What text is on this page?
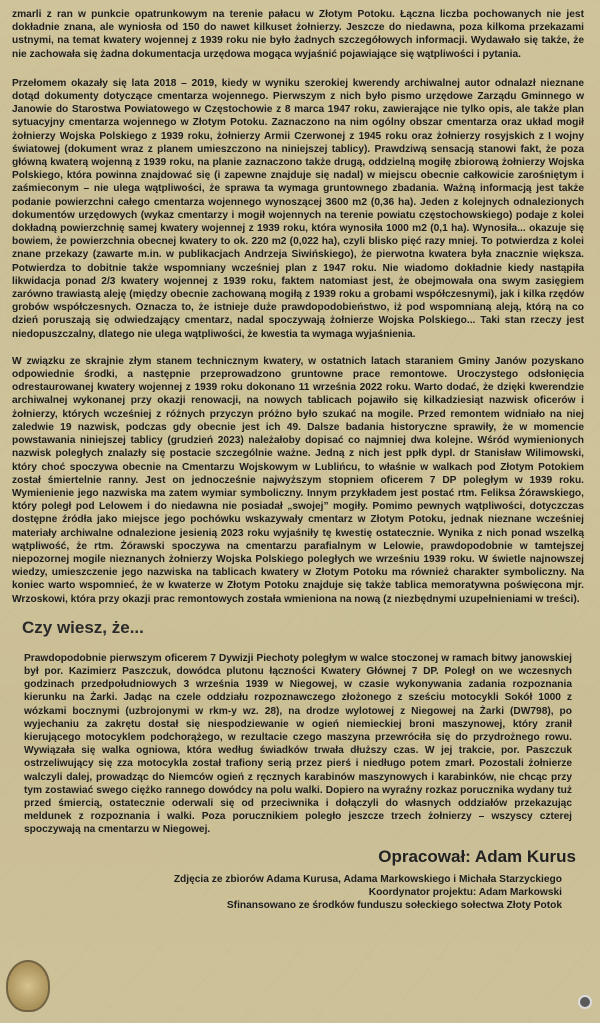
zmarli z ran w punkcie opatrunkowym na terenie pałacu w Złotym Potoku. Łączna liczba pochowanych nie jest dokładnie znana, ale wyniosła od 150 do nawet kilkuset żołnierzy. Jeszcze do niedawna, poza kilkoma przekazami ustnymi, na temat kwatery wojennej z 1939 roku nie było żadnych szczegółowych informacji. Wydawało się także, że nie zachowała się żadna dokumentacja urzędowa mogąca wyjaśnić pojawiające się wątpliwości i pytania.

Przełomem okazały się lata 2018 – 2019, kiedy w wyniku szerokiej kwerendy archiwalnej autor odnalazł nieznane dotąd dokumenty dotyczące cmentarza wojennego. Pierwszym z nich było pismo urzędowe Zarządu Gminnego w Janowie do Starostwa Powiatowego w Częstochowie z 8 marca 1947 roku, zawierające nie tylko opis, ale także plan sytuacyjny cmentarza wojennego w Złotym Potoku. Zaznaczono na nim ogólny obszar cmentarza oraz układ mogił żołnierzy Wojska Polskiego z 1939 roku, żołnierzy Armii Czerwonej z 1945 roku oraz żołnierzy rosyjskich z I wojny światowej (dokument wraz z planem umieszczono na niniejszej tablicy). Prawdziwą sensacją stanowi fakt, że poza główną kwaterą wojenną z 1939 roku, na planie zaznaczono także drugą, oddzielną mogiłę zbiorową żołnierzy Wojska Polskiego, która powinna znajdować się (i zapewne znajduje się nadal) w miejscu obecnie całkowicie zarośniętym i zaśmieconym – nie ulega wątpliwości, że sprawa ta wymaga gruntownego zbadania. Ważną informacją jest także podanie powierzchni całego cmentarza wojennego wynoszącej 3600 m2 (0,36 ha). Jeden z kolejnych odnalezionych dokumentów urzędowych (wykaz cmentarzy i mogił wojennych na terenie powiatu częstochowskiego) podaje z kolei dokładną powierzchnię samej kwatery wojennej z 1939 roku, która wynosiła 1000 m2 (0,1 ha). Wynosiła... okazuje się bowiem, że powierzchnia obecnej kwatery to ok. 220 m2 (0,022 ha), czyli blisko pięć razy mniej. To potwierdza z kolei znane przekazy (zawarte m.in. w publikacjach Andrzeja Siwińskiego), że pierwotna kwatera była znacznie większa. Potwierdza to dobitnie także wspomniany wcześniej plan z 1947 roku. Nie wiadomo dokładnie kiedy nastąpiła likwidacja ponad 2/3 kwatery wojennej z 1939 roku, faktem natomiast jest, że obejmowała ona swym zasięgiem zarówno trawiastą aleję (między obecnie zachowaną mogiłą z 1939 roku a grobami współczesnymi), jak i kilka rzędów grobów współczesnych. Oznacza to, że istnieje duże prawdopodobieństwo, iż pod wspomnianą aleją, którą na co dzień poruszają się odwiedzający cmentarz, nadal spoczywają żołnierze Wojska Polskiego... Taki stan rzeczy jest niedopuszczalny, dlatego nie ulega wątpliwości, że kwestia ta wymaga wyjaśnienia.

W związku ze skrajnie złym stanem technicznym kwatery, w ostatnich latach staraniem Gminy Janów pozyskano odpowiednie środki, a następnie przeprowadzono gruntowne prace remontowe. Uroczystego odsłonięcia odrestaurowanej kwatery wojennej z 1939 roku dokonano 11 września 2022 roku. Warto dodać, że dzięki kwerendzie archiwalnej wykonanej przy okazji renowacji, na nowych tablicach pojawiło się kilkadziesiąt nazwisk oficerów i żołnierzy, których wcześniej z różnych przyczyn próżno było szukać na mogile. Przed remontem widniało na niej zaledwie 19 nazwisk, podczas gdy obecnie jest ich 49. Dalsze badania historyczne sprawiły, że w momencie powstawania niniejszej tablicy (grudzień 2023) należałoby dopisać co najmniej dwa kolejne. Wśród wymienionych nazwisk poległych znalazły się postacie szczególnie ważne. Jedną z nich jest ppłk dypl. dr Stanisław Wilimowski, który choć spoczywa obecnie na Cmentarzu Wojskowym w Lublińcu, to właśnie w walkach pod Złotym Potokiem został śmiertelnie ranny. Jest on jednocześnie najwyższym stopniem oficerem 7 DP poległym w 1939 roku. Wymienienie jego nazwiska ma zatem wymiar symboliczny. Innym przykładem jest postać rtm. Feliksa Żórawskiego, który poległ pod Lelowem i do niedawna nie posiadał „swojej” mogiły. Pomimo pewnych wątpliwości, dotyczczas dostępne źródła jako miejsce jego pochówku wskazywały cmentarz w Złotym Potoku, jednak nieznane wcześniej materiały archiwalne odnalezione jesienią 2023 roku wyjaśniły tę kwestię ostatecznie. Wynika z nich ponad wszelką wątpliwość, że rtm. Żórawski spoczywa na cmentarzu parafialnym w Lelowie, prawdopodobnie w tamtejszej niepozornej mogile nieznanych żołnierzy Wojska Polskiego poległych we wrześniu 1939 roku. W świetle najnowszej wiedzy, umieszczenie jego nazwiska na tablicach kwatery w Złotym Potoku ma również charakter symboliczny. Na koniec warto wspomnieć, że w kwaterze w Złotym Potoku znajduje się także tablica memoratywna poświęcona mjr. Wrzoskowi, która przy okazji prac remontowych została wmieniona na nową (z niezbędnymi uzupełnieniami w treści).

Czy wiesz, że...

Prawdopodobnie pierwszym oficerem 7 Dywizji Piechoty poległym w walce stoczonej w ramach bitwy janowskiej był por. Kazimierz Paszczuk, dowódca plutonu łączności Kwatery Głównej 7 DP. Poległ on we wczesnych godzinach przedpołudniowych 3 września 1939 w Niegowej, w czasie wykonywania zadania rozpoznania kierunku na Żarki. Jadąc na czele oddziału rozpoznawczego złożonego z sześciu motocykli Sokół 1000 z wózkami bocznymi (uzbrojonymi w rkm-y wz. 28), na drodze wylotowej z Niegowej na Żarki (DW798), po wyjechaniu za zakrętu dostał się niespodziewanie w ogień niemieckiej broni maszynowej, który zranił kierującego motocyklem podchorążego, w rezultacie czego maszyna przewróciła się do przydrożnego rowu. Wywiązała się walka ogniowa, która według świadków trwała dłuższy czas. W jej trakcie, por. Paszczuk ostrzeliwujący się zza motocykla został trafiony serią przez pierś i niedługo potem zmarł. Pozostali żołnierze walczyli dalej, prowadząc do Niemców ogień z ręcznych karabinów maszynowych i karabinków, nie chcąc przy tym zostawiać swego ciężko rannego dowódcy na polu walki. Dopiero na wyraźny rozkaz porucznika wydany tuż przed śmiercią, ostatecznie oderwali się od przeciwnika i dołączyli do własnych oddziałów przekazując meldunek z rozpoznania i walki. Poza porucznikiem poległo jeszcze trzech żołnierzy – wszyscy czterej spoczywają na cmentarzu w Niegowej.

Opracował: Adam Kurus
Zdjęcia ze zbiorów Adama Kurusa, Adama Markowskiego i Michała Starzyckiego
Koordynator projektu: Adam Markowski
Sfinansowano ze środków funduszu sołeckiego sołectwa Złoty Potok
